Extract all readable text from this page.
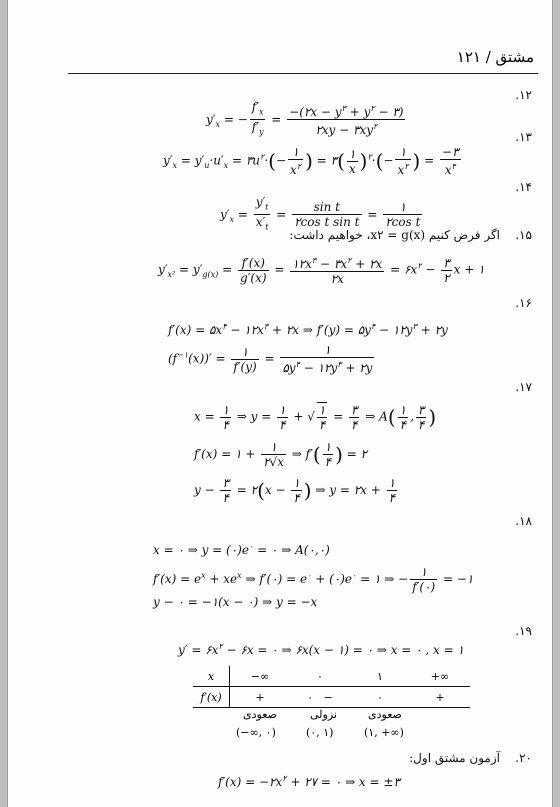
مشتق / ۱۲۱
۱۲.
$y'_x$ = − $\frac{f'_x}{f'_y} = \frac{-(۲x - y^۳ + y^۲ - ۳)}{۲xy - ۳xy^۲}$	۱۳.
$y'_x = y'_u\cdot u'_x$ = $۳u^۲\cdot(- \frac{۱}{x^۲}$ ) = ۳( $\frac{۱}{x} )^۲\cdot(- \frac{۱}{x^۲}$ ) = $\frac{-۳}{x^۴}$
۱۴.
$y'_x = \frac{y'_t}{x'_t} = \frac{\text{sin t}}{\text{۲cos t sin t}} = \frac{۱}{\text{۲cos t}}$
۱۵.
اگر فرض کنیم x۲ = g(x)، خواهیم داشت:
$y'_{x^2} = y'_{g(x)} = \frac{f'(x)}{g'(x)} = \frac{۱۲x^۳ - ۳x^۲ + ۲x}{۲x}$ = $۶x^۲ - \frac{۳}{۲}$ x + ۱
۱۶.
$f'(x) = ۵x^۴$ − $۱۲x^۳$ + ۲x ⇒ $f'(y) = ۵y^۴$ − $۱۲y^۳$ + ۲y
$(f^{-۱}(x))' = \frac{۱}{f'(y)} = \frac{۱}{۵y^۴ - ۱۲y^۳ + ۲y}$
۱۷.
$x = \frac{۱}{۴}$ ⇒ $y = \frac{۱}{۴}$ + √ $\frac{۱}{۴} = \frac{۳}{۴}$ ⇒ $A( \frac{۱}{۴}$ , $\frac{۳}{۴}$ )
f′(x) = ۱ + $\frac{۱}{۲√x}$ ⇒ $f'( \frac{۱}{۴}$ ) = ۲
$y - \frac{۳}{۴}$ = ۲(x − $\frac{۱}{۴}$ ) ⇒ y = ۲x + $\frac{۱}{۴}$
۱۸.
x = ۰ ⇒ $y = (۰)e^۰$ = ۰ ⇒ A(۰,۰)
$f'(x) = e^x + xe^x$ ⇒ f′(۰) = $e^۰$ + $(۰)e^۰$ = ۱ ⇒ − $\frac{۱}{f'(۰)}$ = −۱
y − ۰ = −۱(x − ۰) ⇒ y = −x
۱۹.
$y' = ۶x^۲$ − ۶x = ۰ ⇒ ۶x(x − ۱) = ۰ ⇒ x = ۰ , x = ۱
x	−∞	۰	۱	+∞
f′(x)	+	۰ −	۰	+
صعودی	نزولی	صعودی
(−∞, ۰)	(۰, ۱)	(۱, +∞)
۲۰.
آزمون مشتق اول:
$f'(x) = -۲x^۲$ + ۲۷ = ۰ ⇒ x = ±۳
